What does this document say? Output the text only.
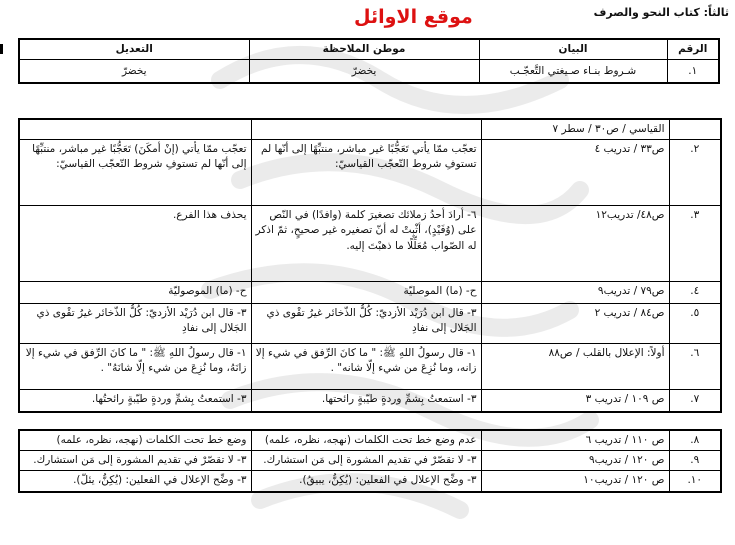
ثالثاً: كتاب النحو والصرف
موقع الاوائل
الرقم	البيان	موطن الملاحظة	التعديل
١.	شـروط بنـاء صـيغتي التَّعجّـب	يخضرّ	يخضرّ
	القياسي / ص٣٠ / سطر ٧		
٢.	ص٣٣ / تدريب ٤	تعجّب ممّا يأتي تَعَجُّبًا غير مباشر، منتبِّهًا إلى أنّها لم تستوفِ شروط التّعجّب القياسيّ:	تعجّب ممّا يأتي (إنْ أمكَنَ) تَعَجُّبًا غير مباشر، منتبِّهًا إلى أنّها لم تستوفِ شروط التّعجّب القياسيّ:
٣.	ص٤٨/ تدريب١٢	٦- أرادَ أحدُ زملائك تصغيرَ كلمة (وافدًا) في النّص على (وُفَيْدٍ)، أثْبِتْ له أنّ تصغيره غير صحيحٍ، ثمّ اذكر له الصّواب مُعَلِّلًا ما ذهبْتَ إليه.	يحذف هذا الفرع.
٤.	ص٧٩ / تدريب٩	ح- (ما) الموصليّة	ح- (ما) الموصوليّة
٥.	ص٨٤ / تدريب ٢	٣- قال ابن دُرَيْد الأزديّ: كُلُّ الذّخائر غيرُ تقْوى ذي الجَلال إلى نفادِ	٣- قال ابن دُرَيْد الأزديّ: كُلُّ الذّخائر غيرُ تقْوى ذي الجَلال إلى نفادِ
٦.	أولاً: الإعلال بالقلب / ص٨٨	١- قال رسولُ اللهِ ﷺ: " ما كانَ الرِّفق في شيء إلا زانه، وما نُزِعَ من شيء إلّا شانه" .	١- قال رسولُ اللهِ ﷺ: " ما كانَ الرِّفق في شيء إلا زانَهُ، وما نُزِعَ من شيء إلّا شانَهُ" .
٧.	ص ١٠٩ / تدريب ٣	٣- استمعتُ بِشمِّ وردةٍ طيّبةٍ رائحتها.	٣- استمعتُ بِشمِّ وردةٍ طيّبةٍ رائحتُها.
٨.	ص ١١٠ / تدريب ٦	عدم وضع خط تحت الكلمات (نهجه، نظره، علمه)	وضع خط تحت الكلمات (نهجه، نظره، علمه)
٩.	ص ١٢٠ / تدريب٩	٣- لا تقصّرْ في تقديم المشورة إلى مَن استشارك.	٣- لا تقصّرْ في تقديم المشورة إلى مَن استشارك.
١٠.	ص ١٢٠ / تدريب١٠	٣- وضِّح الإعلال في الفعلين: (يُكِنُّ، يبيقُ).	٣- وضِّح الإعلال في الفعلين: (يُكِنُّ، يئلّ).
